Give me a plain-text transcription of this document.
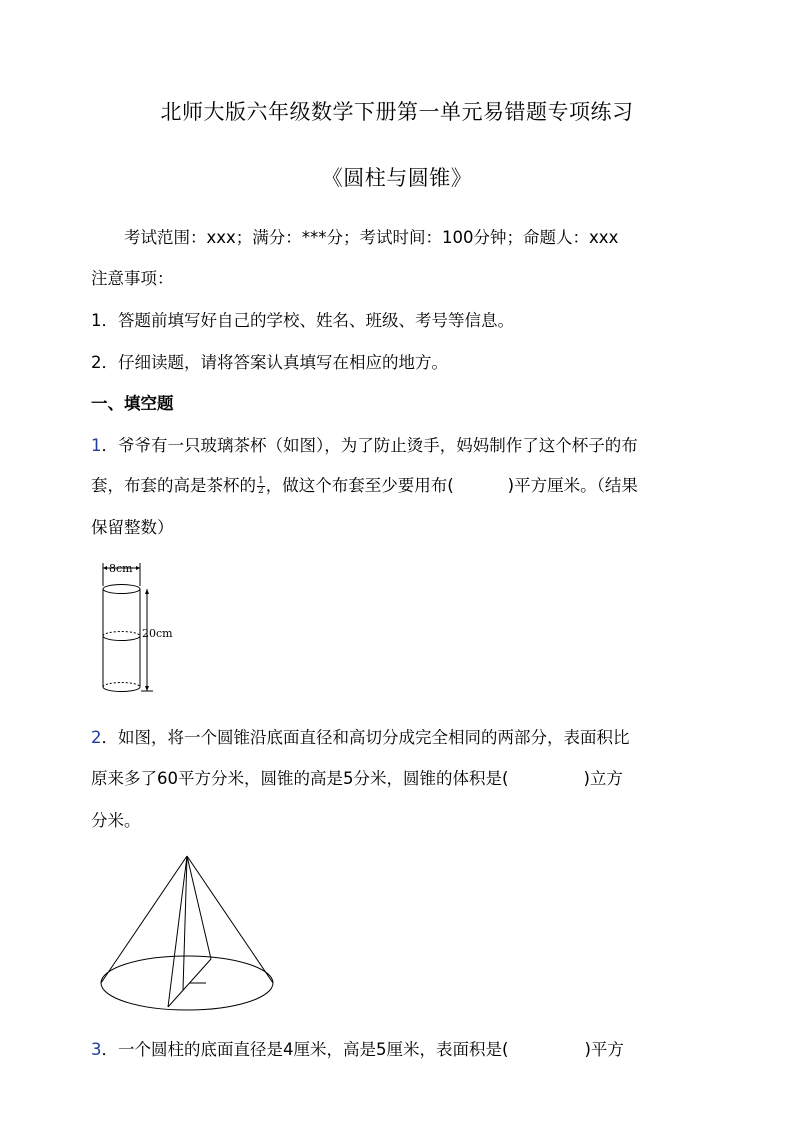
北师大版六年级数学下册第一单元易错题专项练习
《圆柱与圆锥》
考试范围：xxx；满分：***分；考试时间：100分钟；命题人：xxx
注意事项：
1．答题前填写好自己的学校、姓名、班级、考号等信息。
2．仔细读题，请将答案认真填写在相应的地方。
一、填空题
1．爷爷有一只玻璃茶杯（如图），为了防止烫手，妈妈制作了这个杯子的布
套，布套的高是茶杯的 $\frac{1}{2}$ ，做这个布套至少要用布(	)平方厘米。（结果
保留整数）
8cm
20cm
2．如图，将一个圆锥沿底面直径和高切分成完全相同的两部分，表面积比
原来多了60平方分米，圆锥的高是5分米，圆锥的体积是(	)立方
分米。
3．一个圆柱的底面直径是4厘米，高是5厘米，表面积是(	)平方
